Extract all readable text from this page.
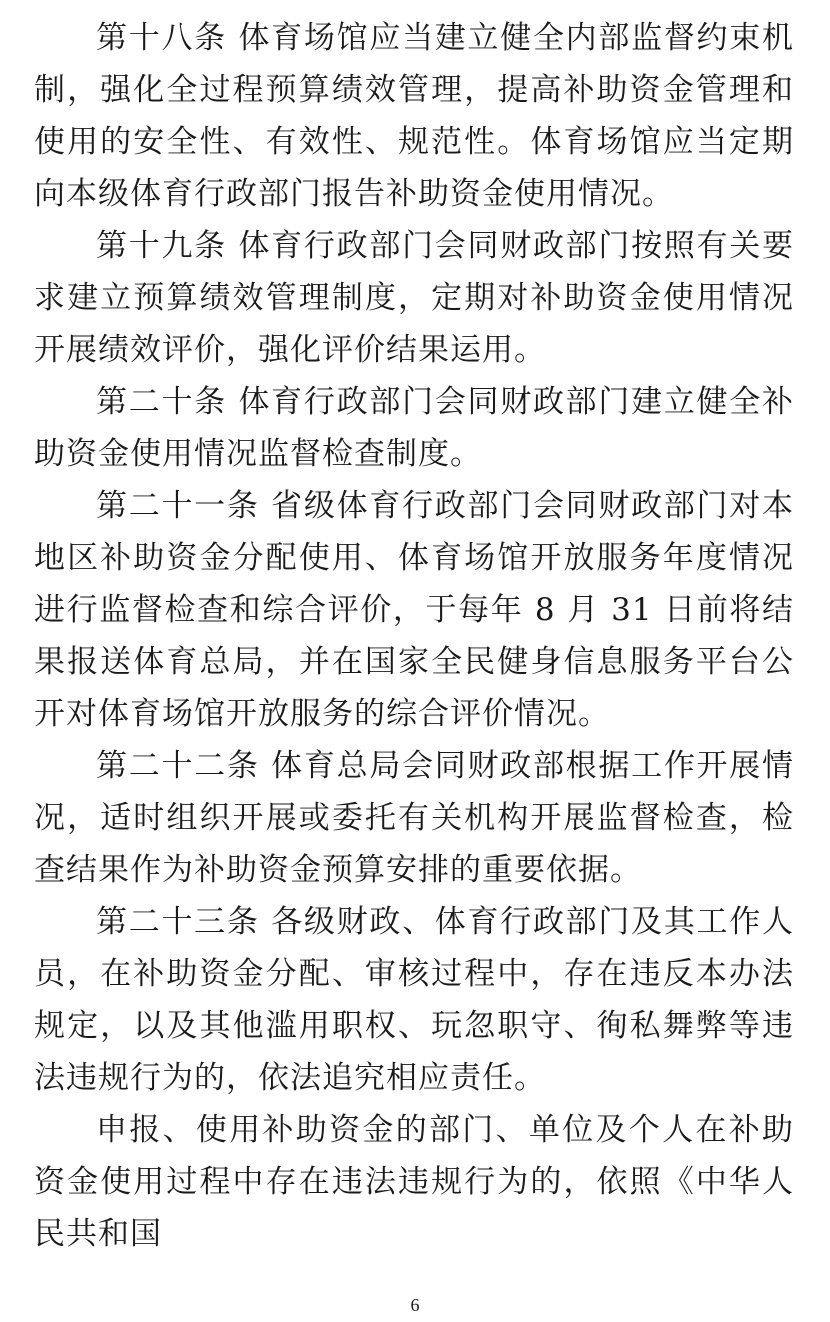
第十八条 体育场馆应当建立健全内部监督约束机制，强化全过程预算绩效管理，提高补助资金管理和使用的安全性、有效性、规范性。体育场馆应当定期向本级体育行政部门报告补助资金使用情况。

第十九条 体育行政部门会同财政部门按照有关要求建立预算绩效管理制度，定期对补助资金使用情况开展绩效评价，强化评价结果运用。

第二十条 体育行政部门会同财政部门建立健全补助资金使用情况监督检查制度。

第二十一条 省级体育行政部门会同财政部门对本地区补助资金分配使用、体育场馆开放服务年度情况进行监督检查和综合评价，于每年 8 月 31 日前将结果报送体育总局，并在国家全民健身信息服务平台公开对体育场馆开放服务的综合评价情况。

第二十二条 体育总局会同财政部根据工作开展情况，适时组织开展或委托有关机构开展监督检查，检查结果作为补助资金预算安排的重要依据。

第二十三条 各级财政、体育行政部门及其工作人员，在补助资金分配、审核过程中，存在违反本办法规定，以及其他滥用职权、玩忽职守、徇私舞弊等违法违规行为的，依法追究相应责任。

申报、使用补助资金的部门、单位及个人在补助资金使用过程中存在违法违规行为的，依照《中华人民共和国

6
